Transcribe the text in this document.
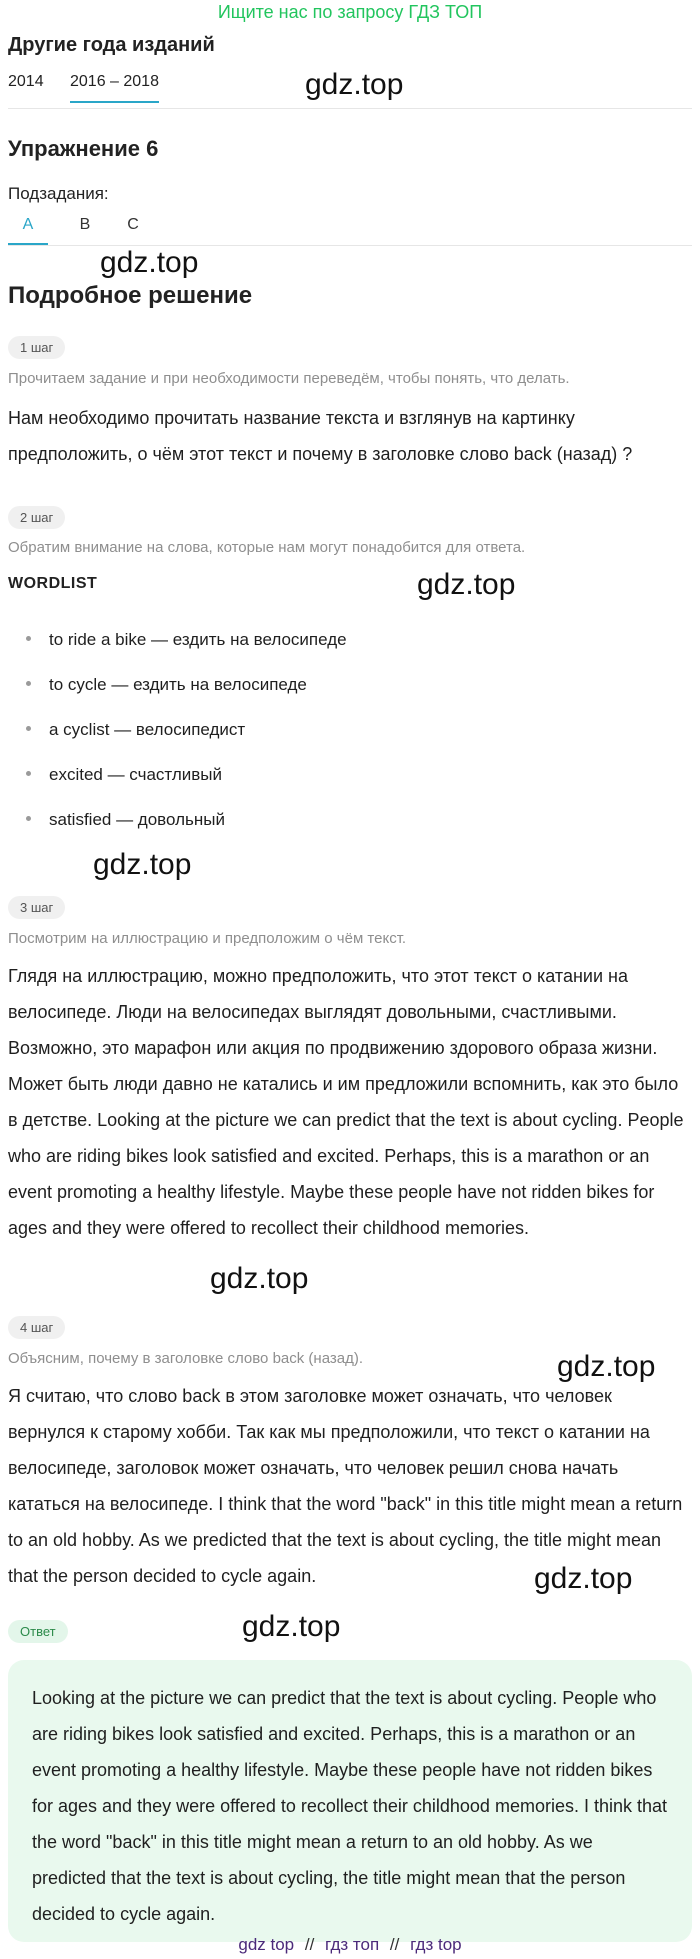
Ищите нас по запросу ГДЗ ТОП
Другие года изданий
2014 2016 – 2018
Упражнение 6
Подзадания:
A	B	C
Подробное решение
1 шаг
Прочитаем задание и при необходимости переведём, чтобы понять, что делать.
Нам необходимо прочитать название текста и взглянув на картинку предположить, о чём этот текст и почему в заголовке слово back (назад) ?
2 шаг
Обратим внимание на слова, которые нам могут понадобится для ответа.
WORDLIST
to ride a bike — ездить на велосипеде
to cycle — ездить на велосипеде
a cyclist — велосипедист
excited — счастливый
satisfied — довольный
3 шаг
Посмотрим на иллюстрацию и предположим о чём текст.
Глядя на иллюстрацию, можно предположить, что этот текст о катании на велосипеде. Люди на велосипедах выглядят довольными, счастливыми. Возможно, это марафон или акция по продвижению здорового образа жизни. Может быть люди давно не катались и им предложили вспомнить, как это было в детстве. Looking at the picture we can predict that the text is about cycling. People who are riding bikes look satisfied and excited. Perhaps, this is a marathon or an event promoting a healthy lifestyle. Maybe these people have not ridden bikes for ages and they were offered to recollect their childhood memories.
4 шаг
Объясним, почему в заголовке слово back (назад).
Я считаю, что слово back в этом заголовке может означать, что человек вернулся к старому хобби. Так как мы предположили, что текст о катании на велосипеде, заголовок может означать, что человек решил снова начать кататься на велосипеде. I think that the word "back" in this title might mean a return to an old hobby. As we predicted that the text is about cycling, the title might mean that the person decided to cycle again.
Ответ
Looking at the picture we can predict that the text is about cycling. People who are riding bikes look satisfied and excited. Perhaps, this is a marathon or an event promoting a healthy lifestyle. Maybe these people have not ridden bikes for ages and they were offered to recollect their childhood memories. I think that the word "back" in this title might mean a return to an old hobby. As we predicted that the text is about cycling, the title might mean that the person decided to cycle again.
gdz.top
gdz.top
gdz.top
gdz.top
gdz.top
gdz.top
gdz.top
gdz.top
gdz top // гдз топ // гдз top
